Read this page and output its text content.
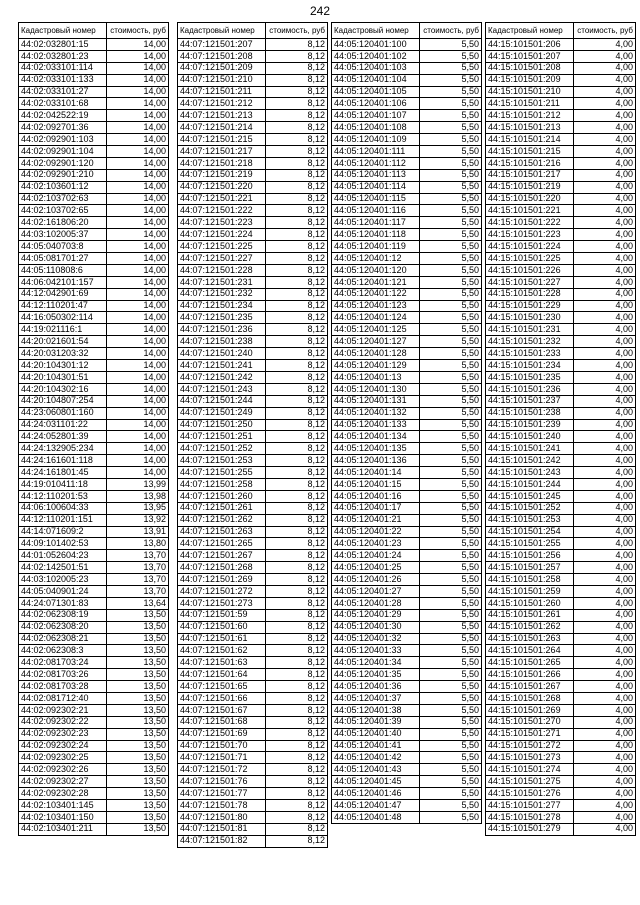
242
Кадастровый номер	стоимость, руб
44:02:032801:15	14,00
44:02:032801:23	14,00
44:02:033101:114	14,00
44:02:033101:133	14,00
44:02:033101:27	14,00
44:02:033101:68	14,00
44:02:042522:19	14,00
44:02:092701:36	14,00
44:02:092901:103	14,00
44:02:092901:104	14,00
44:02:092901:120	14,00
44:02:092901:210	14,00
44:02:103601:12	14,00
44:02:103702:63	14,00
44:02:103702:65	14,00
44:02:161806:20	14,00
44:03:102005:37	14,00
44:05:040703:8	14,00
44:05:081701:27	14,00
44:05:110808:6	14,00
44:06:042101:157	14,00
44:12:042901:69	14,00
44:12:110201:47	14,00
44:16:050302:114	14,00
44:19:021116:1	14,00
44:20:021601:54	14,00
44:20:031203:32	14,00
44:20:104301:12	14,00
44:20:104301:51	14,00
44:20:104302:16	14,00
44:20:104807:254	14,00
44:23:060801:160	14,00
44:24:031101:22	14,00
44:24:052801:39	14,00
44:24:132905:234	14,00
44:24:161601:118	14,00
44:24:161801:45	14,00
44:19:010411:18	13,99
44:12:110201:53	13,98
44:06:100604:33	13,95
44:12:110201:151	13,92
44:14:071609:2	13,91
44:09:101402:53	13,80
44:01:052604:23	13,70
44:02:142501:51	13,70
44:03:102005:23	13,70
44:05:040901:24	13,70
44:24:071301:83	13,64
44:02:062308:19	13,50
44:02:062308:20	13,50
44:02:062308:21	13,50
44:02:062308:3	13,50
44:02:081703:24	13,50
44:02:081703:26	13,50
44:02:081703:28	13,50
44:02:081712:40	13,50
44:02:092302:21	13,50
44:02:092302:22	13,50
44:02:092302:23	13,50
44:02:092302:24	13,50
44:02:092302:25	13,50
44:02:092302:26	13,50
44:02:092302:27	13,50
44:02:092302:28	13,50
44:02:103401:145	13,50
44:02:103401:150	13,50
44:02:103401:211	13,50
Кадастровый номер	стоимость, руб
44:07:121501:207	8,12
44:07:121501:208	8,12
44:07:121501:209	8,12
44:07:121501:210	8,12
44:07:121501:211	8,12
44:07:121501:212	8,12
44:07:121501:213	8,12
44:07:121501:214	8,12
44:07:121501:215	8,12
44:07:121501:217	8,12
44:07:121501:218	8,12
44:07:121501:219	8,12
44:07:121501:220	8,12
44:07:121501:221	8,12
44:07:121501:222	8,12
44:07:121501:223	8,12
44:07:121501:224	8,12
44:07:121501:225	8,12
44:07:121501:227	8,12
44:07:121501:228	8,12
44:07:121501:231	8,12
44:07:121501:232	8,12
44:07:121501:234	8,12
44:07:121501:235	8,12
44:07:121501:236	8,12
44:07:121501:238	8,12
44:07:121501:240	8,12
44:07:121501:241	8,12
44:07:121501:242	8,12
44:07:121501:243	8,12
44:07:121501:244	8,12
44:07:121501:249	8,12
44:07:121501:250	8,12
44:07:121501:251	8,12
44:07:121501:252	8,12
44:07:121501:253	8,12
44:07:121501:255	8,12
44:07:121501:258	8,12
44:07:121501:260	8,12
44:07:121501:261	8,12
44:07:121501:262	8,12
44:07:121501:263	8,12
44:07:121501:265	8,12
44:07:121501:267	8,12
44:07:121501:268	8,12
44:07:121501:269	8,12
44:07:121501:272	8,12
44:07:121501:273	8,12
44:07:121501:59	8,12
44:07:121501:60	8,12
44:07:121501:61	8,12
44:07:121501:62	8,12
44:07:121501:63	8,12
44:07:121501:64	8,12
44:07:121501:65	8,12
44:07:121501:66	8,12
44:07:121501:67	8,12
44:07:121501:68	8,12
44:07:121501:69	8,12
44:07:121501:70	8,12
44:07:121501:71	8,12
44:07:121501:72	8,12
44:07:121501:76	8,12
44:07:121501:77	8,12
44:07:121501:78	8,12
44:07:121501:80	8,12
44:07:121501:81	8,12
44:07:121501:82	8,12
Кадастровый номер	стоимость, руб
44:05:120401:100	5,50
44:05:120401:102	5,50
44:05:120401:103	5,50
44:05:120401:104	5,50
44:05:120401:105	5,50
44:05:120401:106	5,50
44:05:120401:107	5,50
44:05:120401:108	5,50
44:05:120401:109	5,50
44:05:120401:111	5,50
44:05:120401:112	5,50
44:05:120401:113	5,50
44:05:120401:114	5,50
44:05:120401:115	5,50
44:05:120401:116	5,50
44:05:120401:117	5,50
44:05:120401:118	5,50
44:05:120401:119	5,50
44:05:120401:12	5,50
44:05:120401:120	5,50
44:05:120401:121	5,50
44:05:120401:122	5,50
44:05:120401:123	5,50
44:05:120401:124	5,50
44:05:120401:125	5,50
44:05:120401:127	5,50
44:05:120401:128	5,50
44:05:120401:129	5,50
44:05:120401:13	5,50
44:05:120401:130	5,50
44:05:120401:131	5,50
44:05:120401:132	5,50
44:05:120401:133	5,50
44:05:120401:134	5,50
44:05:120401:135	5,50
44:05:120401:136	5,50
44:05:120401:14	5,50
44:05:120401:15	5,50
44:05:120401:16	5,50
44:05:120401:17	5,50
44:05:120401:21	5,50
44:05:120401:22	5,50
44:05:120401:23	5,50
44:05:120401:24	5,50
44:05:120401:25	5,50
44:05:120401:26	5,50
44:05:120401:27	5,50
44:05:120401:28	5,50
44:05:120401:29	5,50
44:05:120401:30	5,50
44:05:120401:32	5,50
44:05:120401:33	5,50
44:05:120401:34	5,50
44:05:120401:35	5,50
44:05:120401:36	5,50
44:05:120401:37	5,50
44:05:120401:38	5,50
44:05:120401:39	5,50
44:05:120401:40	5,50
44:05:120401:41	5,50
44:05:120401:42	5,50
44:05:120401:43	5,50
44:05:120401:45	5,50
44:05:120401:46	5,50
44:05:120401:47	5,50
44:05:120401:48	5,50
Кадастровый номер	стоимость, руб
44:15:101501:206	4,00
44:15:101501:207	4,00
44:15:101501:208	4,00
44:15:101501:209	4,00
44:15:101501:210	4,00
44:15:101501:211	4,00
44:15:101501:212	4,00
44:15:101501:213	4,00
44:15:101501:214	4,00
44:15:101501:215	4,00
44:15:101501:216	4,00
44:15:101501:217	4,00
44:15:101501:219	4,00
44:15:101501:220	4,00
44:15:101501:221	4,00
44:15:101501:222	4,00
44:15:101501:223	4,00
44:15:101501:224	4,00
44:15:101501:225	4,00
44:15:101501:226	4,00
44:15:101501:227	4,00
44:15:101501:228	4,00
44:15:101501:229	4,00
44:15:101501:230	4,00
44:15:101501:231	4,00
44:15:101501:232	4,00
44:15:101501:233	4,00
44:15:101501:234	4,00
44:15:101501:235	4,00
44:15:101501:236	4,00
44:15:101501:237	4,00
44:15:101501:238	4,00
44:15:101501:239	4,00
44:15:101501:240	4,00
44:15:101501:241	4,00
44:15:101501:242	4,00
44:15:101501:243	4,00
44:15:101501:244	4,00
44:15:101501:245	4,00
44:15:101501:252	4,00
44:15:101501:253	4,00
44:15:101501:254	4,00
44:15:101501:255	4,00
44:15:101501:256	4,00
44:15:101501:257	4,00
44:15:101501:258	4,00
44:15:101501:259	4,00
44:15:101501:260	4,00
44:15:101501:261	4,00
44:15:101501:262	4,00
44:15:101501:263	4,00
44:15:101501:264	4,00
44:15:101501:265	4,00
44:15:101501:266	4,00
44:15:101501:267	4,00
44:15:101501:268	4,00
44:15:101501:269	4,00
44:15:101501:270	4,00
44:15:101501:271	4,00
44:15:101501:272	4,00
44:15:101501:273	4,00
44:15:101501:274	4,00
44:15:101501:275	4,00
44:15:101501:276	4,00
44:15:101501:277	4,00
44:15:101501:278	4,00
44:15:101501:279	4,00
